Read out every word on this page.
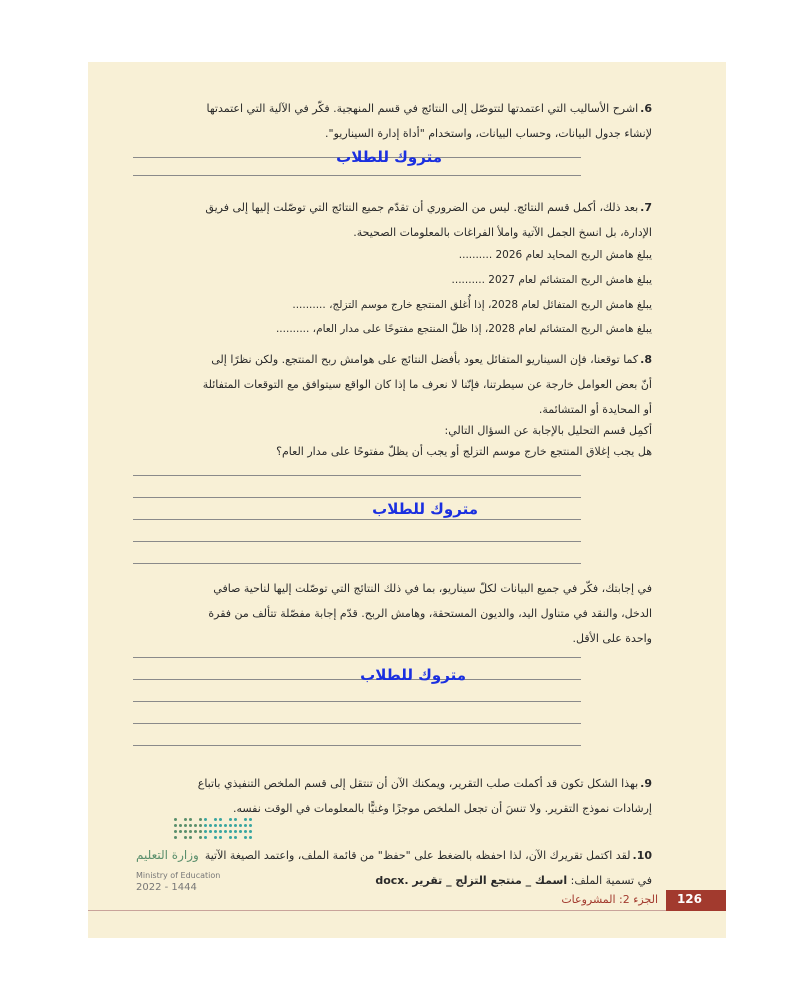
6.اشرح الأساليب التي اعتمدتها لتتوصّل إلى النتائج في قسم المنهجية. فكّر في الآلية التي اعتمدتها لإنشاء جدول البيانات، وحساب البيانات، واستخدام "أداة إدارة السيناريو".

متروك للطلاب

7.بعد ذلك، أكمل قسم النتائج. ليس من الضروري أن تقدّم جميع النتائج التي توصّلت إليها إلى فريق الإدارة، بل انسخ الجمل الآتية واملأ الفراغات بالمعلومات الصحيحة.

يبلغ هامش الربح المحايد لعام 2026 ..........

يبلغ هامش الربح المتشائم لعام 2027 ..........

يبلغ هامش الربح المتفائل لعام 2028، إذا أُغلق المنتجع خارج موسم التزلج، ..........

يبلغ هامش الربح المتشائم لعام 2028، إذا ظلّ المنتجع مفتوحًا على مدار العام، ..........

8.كما توقعنا، فإن السيناريو المتفائل يعود بأفضل النتائج على هوامش ربح المنتجع. ولكن نظرًا إلى أنّ بعض العوامل خارجة عن سيطرتنا، فإنّنا لا نعرف ما إذا كان الواقع سيتوافق مع التوقعات المتفائلة أو المحايدة أو المتشائمة.

أكمِل قسم التحليل بالإجابة عن السؤال التالي:

هل يجب إغلاق المنتجع خارج موسم التزلج أو يجب أن يظلّ مفتوحًا على مدار العام؟

متروك للطلاب

في إجابتك، فكّر في جميع البيانات لكلّ سيناريو، بما في ذلك النتائج التي توصّلت إليها لناحية صافي الدخل، والنقد في متناول اليد، والديون المستحقة، وهامش الربح. قدّم إجابة مفصّلة تتألف من فقرة واحدة على الأقل.

متروك للطلاب

9.بهذا الشكل تكون قد أكملت صلب التقرير، ويمكنك الآن أن تنتقل إلى قسم الملخص التنفيذي باتباع إرشادات نموذج التقرير. ولا تنسَ أن تجعل الملخص موجزًا وغنيًّا بالمعلومات في الوقت نفسه.

10.لقد اكتمل تقريرك الآن، لذا احفظه بالضغط على "حفظ" من قائمة الملف، واعتمد الصيغة الآتية في تسمية الملف: اسمك _ منتجع التزلج _ تقرير .docx

وزارة التعليم
Ministry of Education
2022 - 1444
126
الجزء 2: المشروعات
